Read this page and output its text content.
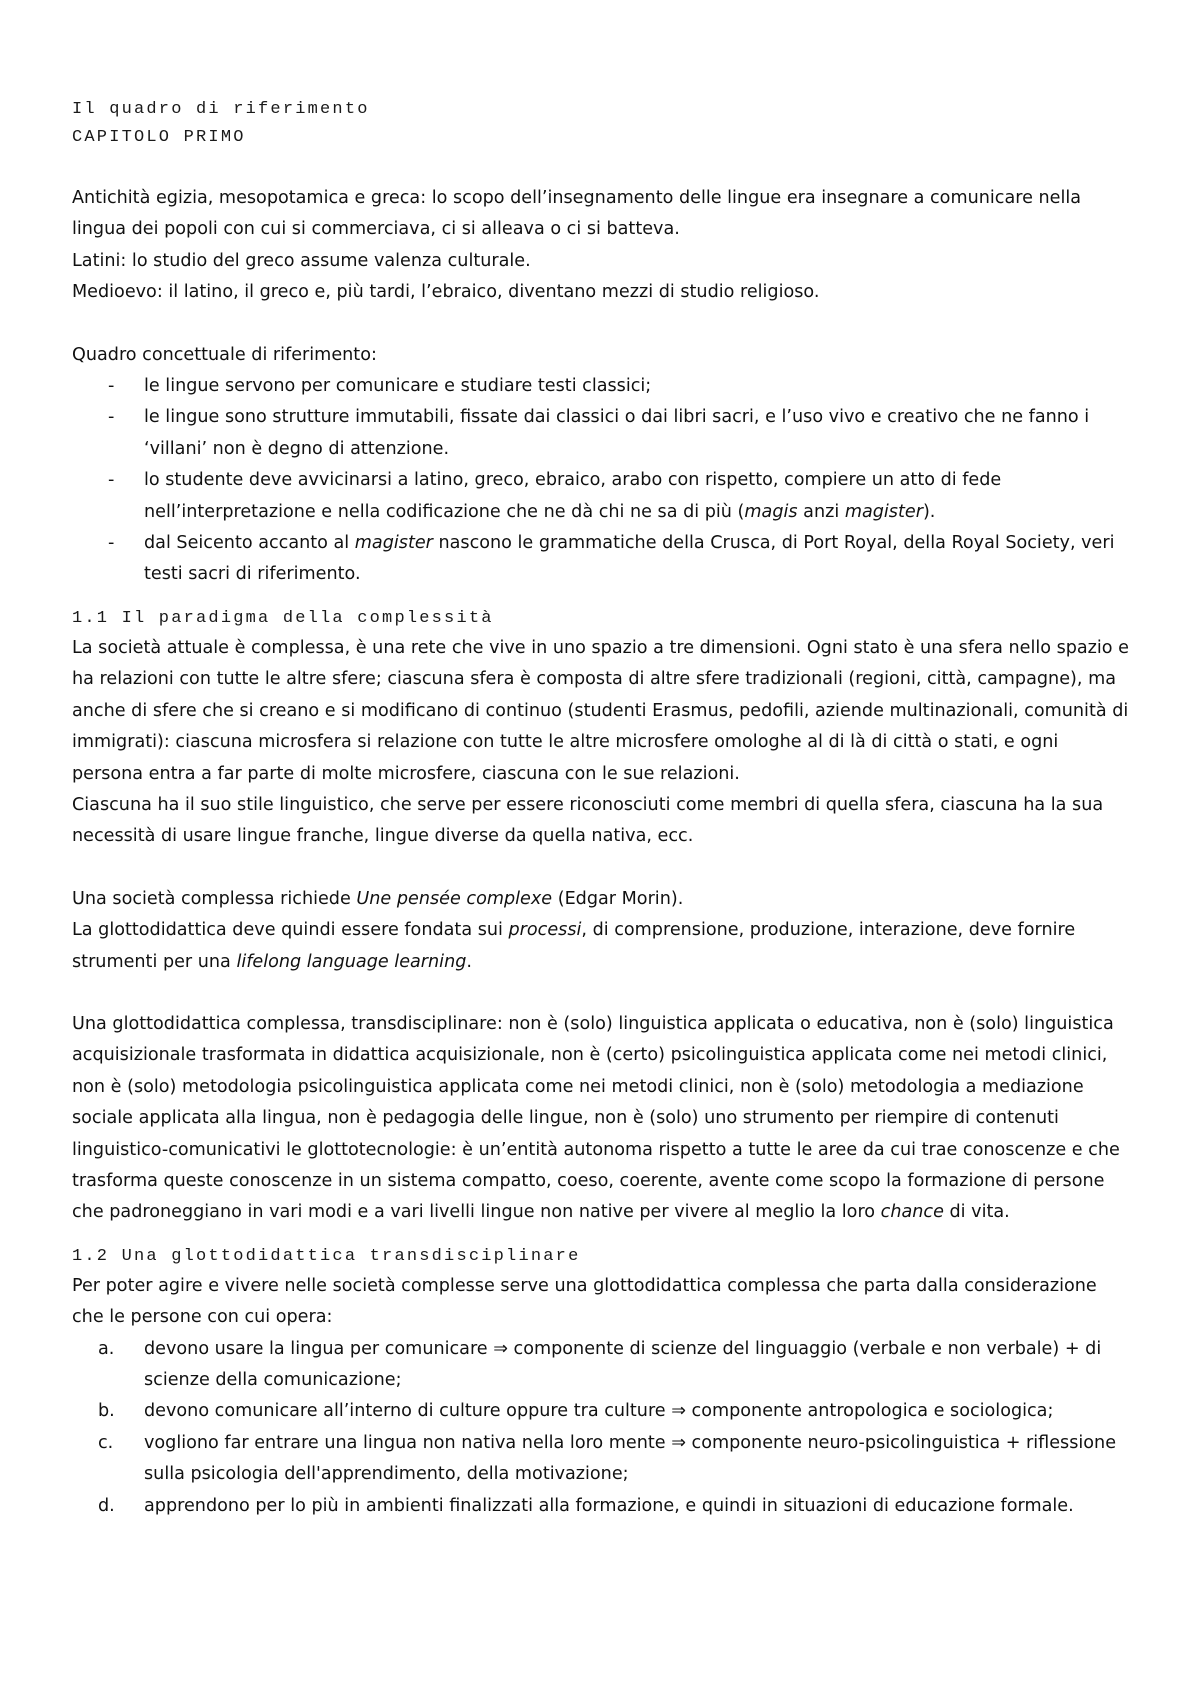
Il quadro di riferimento

CAPITOLO PRIMO

Antichità egizia, mesopotamica e greca: lo scopo dell’insegnamento delle lingue era insegnare a comunicare nella lingua dei popoli con cui si commerciava, ci si alleava o ci si batteva.

Latini: lo studio del greco assume valenza culturale.

Medioevo: il latino, il greco e, più tardi, l’ebraico, diventano mezzi di studio religioso.

Quadro concettuale di riferimento:

- le lingue servono per comunicare e studiare testi classici;
- le lingue sono strutture immutabili, fissate dai classici o dai libri sacri, e l’uso vivo e creativo che ne fanno i ‘villani’ non è degno di attenzione.
- lo studente deve avvicinarsi a latino, greco, ebraico, arabo con rispetto, compiere un atto di fede nell’interpretazione e nella codificazione che ne dà chi ne sa di più (magis anzi magister).
- dal Seicento accanto al magister nascono le grammatiche della Crusca, di Port Royal, della Royal Society, veri testi sacri di riferimento.

1.1 Il paradigma della complessità

La società attuale è complessa, è una rete che vive in uno spazio a tre dimensioni. Ogni stato è una sfera nello spazio e ha relazioni con tutte le altre sfere; ciascuna sfera è composta di altre sfere tradizionali (regioni, città, campagne), ma anche di sfere che si creano e si modificano di continuo (studenti Erasmus, pedofili, aziende multinazionali, comunità di immigrati): ciascuna microsfera si relazione con tutte le altre microsfere omologhe al di là di città o stati, e ogni persona entra a far parte di molte microsfere, ciascuna con le sue relazioni.

Ciascuna ha il suo stile linguistico, che serve per essere riconosciuti come membri di quella sfera, ciascuna ha la sua necessità di usare lingue franche, lingue diverse da quella nativa, ecc.

Una società complessa richiede Une pensée complexe (Edgar Morin).

La glottodidattica deve quindi essere fondata sui processi, di comprensione, produzione, interazione, deve fornire strumenti per una lifelong language learning.

Una glottodidattica complessa, transdisciplinare: non è (solo) linguistica applicata o educativa, non è (solo) linguistica acquisizionale trasformata in didattica acquisizionale, non è (certo) psicolinguistica applicata come nei metodi clinici, non è (solo) metodologia psicolinguistica applicata come nei metodi clinici, non è (solo) metodologia a mediazione sociale applicata alla lingua, non è pedagogia delle lingue, non è (solo) uno strumento per riempire di contenuti linguistico-comunicativi le glottotecnologie: è un’entità autonoma rispetto a tutte le aree da cui trae conoscenze e che trasforma queste conoscenze in un sistema compatto, coeso, coerente, avente come scopo la formazione di persone che padroneggiano in vari modi e a vari livelli lingue non native per vivere al meglio la loro chance di vita.

1.2 Una glottodidattica transdisciplinare

Per poter agire e vivere nelle società complesse serve una glottodidattica complessa che parta dalla considerazione che le persone con cui opera:

a. devono usare la lingua per comunicare ⇒ componente di scienze del linguaggio (verbale e non verbale) + di scienze della comunicazione;
b. devono comunicare all’interno di culture oppure tra culture ⇒ componente antropologica e sociologica;
c. vogliono far entrare una lingua non nativa nella loro mente ⇒ componente neuro-psicolinguistica + riflessione sulla psicologia dell'apprendimento, della motivazione;
d. apprendono per lo più in ambienti finalizzati alla formazione, e quindi in situazioni di educazione formale.
